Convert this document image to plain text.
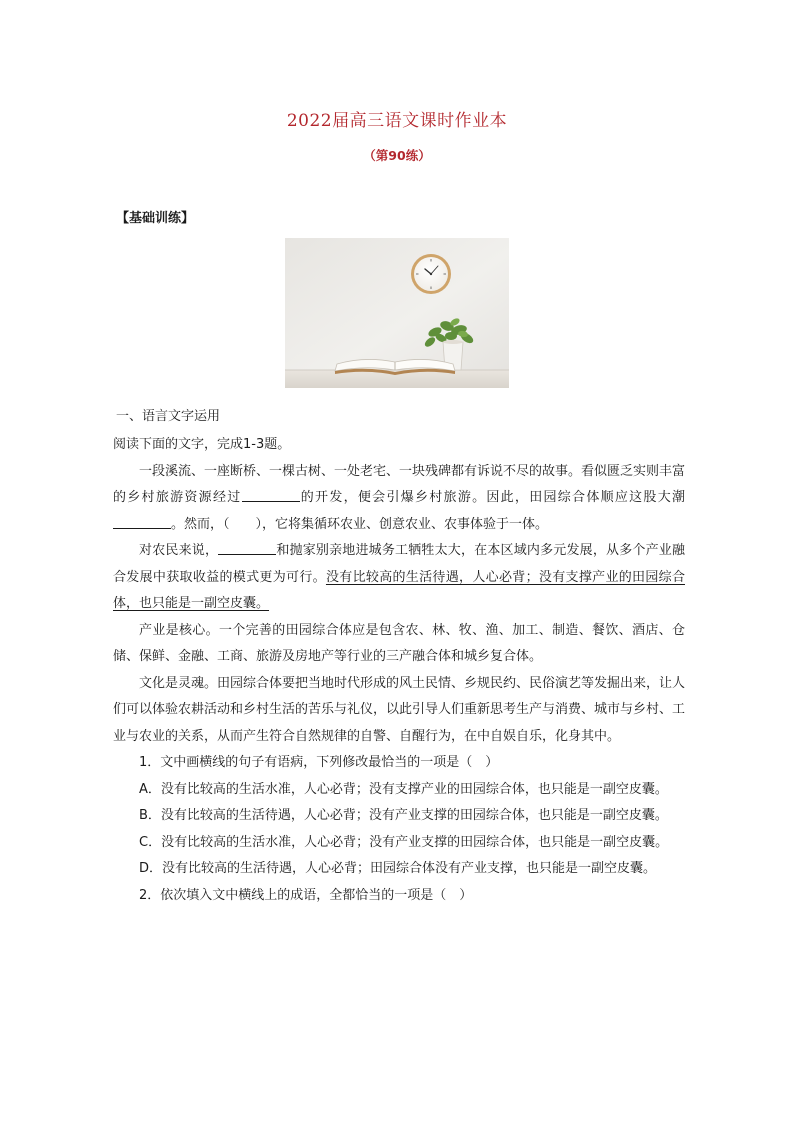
2022届高三语文课时作业本
（第90练）
【基础训练】
一、语言文字运用

阅读下面的文字，完成1-3题。

一段溪流、一座断桥、一棵古树、一处老宅、一块残碑都有诉说不尽的故事。看似匮乏实则丰富的乡村旅游资源经过	的开发，便会引爆乡村旅游。因此，田园综合体顺应这股大潮。然而，（　　），它将集循环农业、创意农业、农事体验于一体。

对农民来说，	和抛家别亲地进城务工牺牲太大，在本区域内多元发展，从多个产业融合发展中获取收益的模式更为可行。没有比较高的生活待遇，人心必背；没有支撑产业的田园综合体，也只能是一副空皮囊。

产业是核心。一个完善的田园综合体应是包含农、林、牧、渔、加工、制造、餐饮、酒店、仓储、保鲜、金融、工商、旅游及房地产等行业的三产融合体和城乡复合体。

文化是灵魂。田园综合体要把当地时代形成的风土民情、乡规民约、民俗演艺等发掘出来，让人们可以体验农耕活动和乡村生活的苦乐与礼仪，以此引导人们重新思考生产与消费、城市与乡村、工业与农业的关系，从而产生符合自然规律的自警、自醒行为，在中自娱自乐，化身其中。

1．文中画横线的句子有语病，下列修改最恰当的一项是（　）

A．没有比较高的生活水准，人心必背；没有支撑产业的田园综合体，也只能是一副空皮囊。

B．没有比较高的生活待遇，人心必背；没有产业支撑的田园综合体，也只能是一副空皮囊。

C．没有比较高的生活水准，人心必背；没有产业支撑的田园综合体，也只能是一副空皮囊。

D．没有比较高的生活待遇，人心必背；田园综合体没有产业支撑，也只能是一副空皮囊。

2．依次填入文中横线上的成语，全都恰当的一项是（　）
